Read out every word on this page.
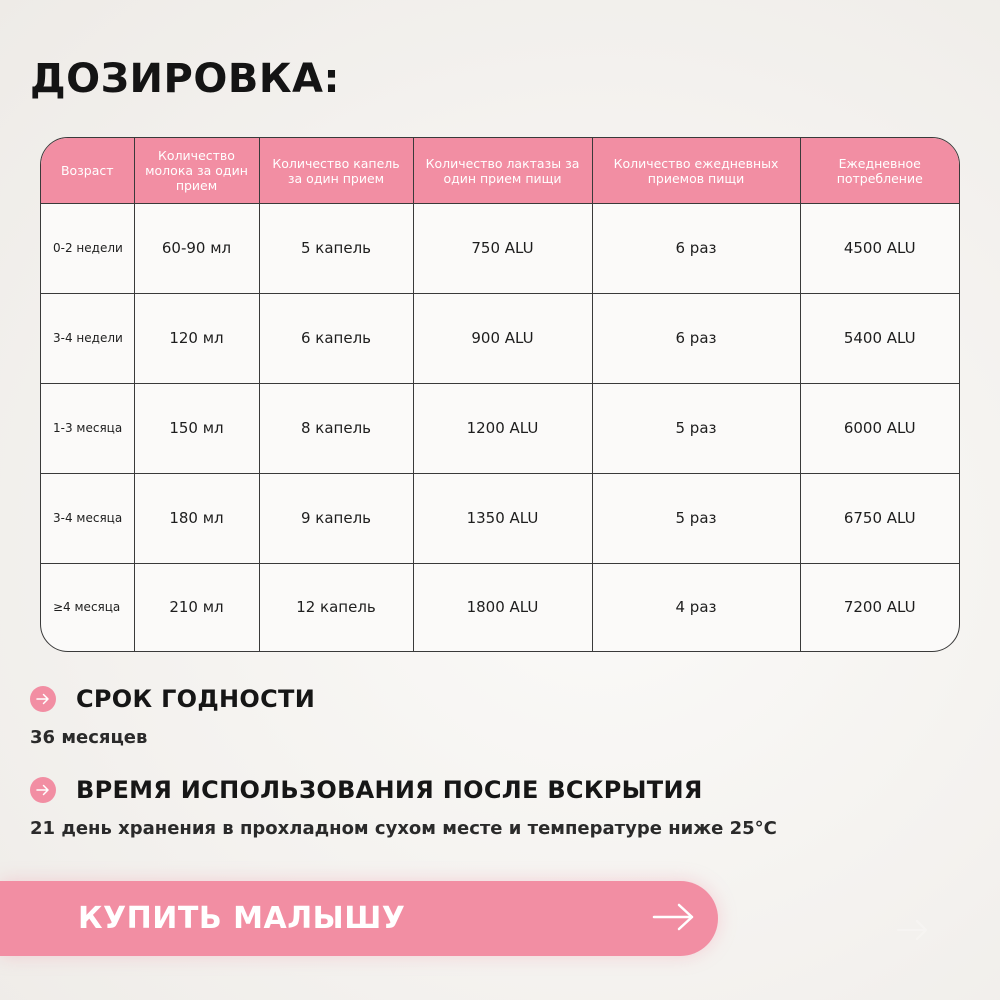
ДОЗИРОВКА:
Возраст	Количество молока за один прием	Количество капель за один прием	Количество лактазы за один прием пищи	Количество ежедневных приемов пищи	Ежедневное потребление
0-2 недели	60-90 мл	5 капель	750 ALU	6 раз	4500 ALU
3-4 недели	120 мл	6 капель	900 ALU	6 раз	5400 ALU
1-3 месяца	150 мл	8 капель	1200 ALU	5 раз	6000 ALU
3-4 месяца	180 мл	9 капель	1350 ALU	5 раз	6750 ALU
≥4 месяца	210 мл	12 капель	1800 ALU	4 раз	7200 ALU
СРОК ГОДНОСТИ
36 месяцев
ВРЕМЯ ИСПОЛЬЗОВАНИЯ ПОСЛЕ ВСКРЫТИЯ
21 день хранения в прохладном сухом месте и температуре ниже 25°C
КУПИТЬ МАЛЫШУ
